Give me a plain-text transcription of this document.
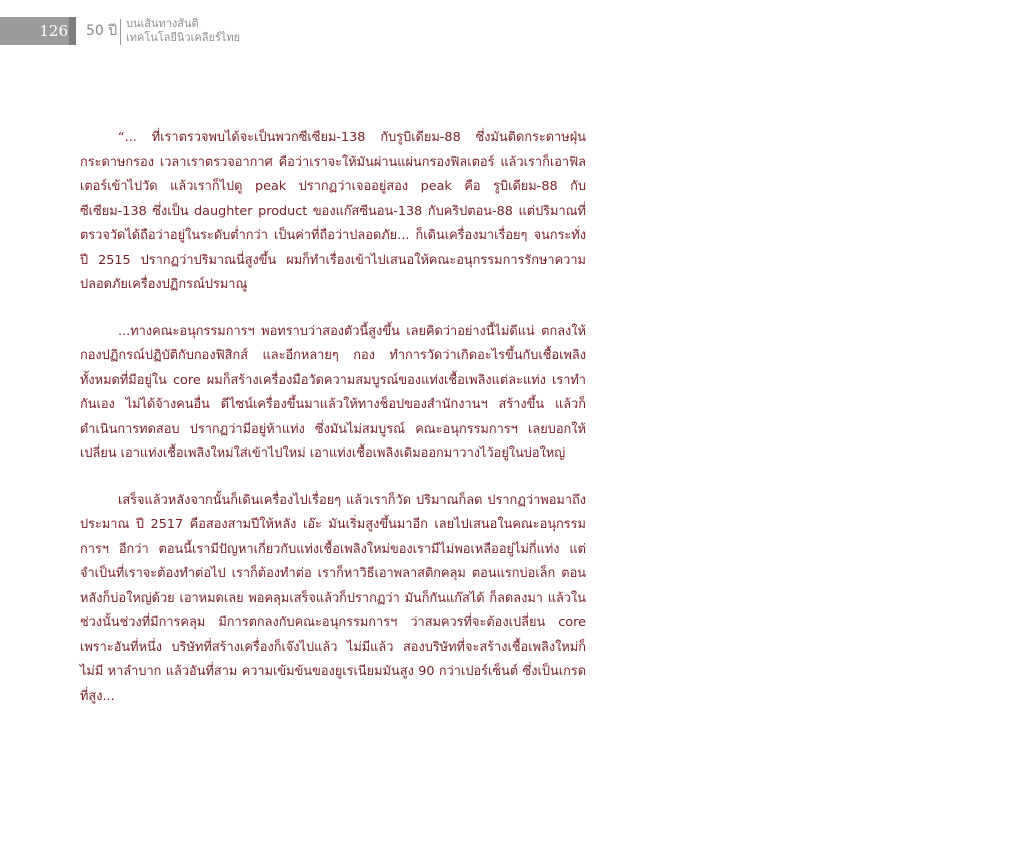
126	50 ปี บนเส้นทางสันติ
เทคโนโลยีนิวเคลียร์ไทย

“... ที่เราตรวจพบได้จะเป็นพวกซีเซียม-138 กับรูบิเดียม-88 ซึ่งมันติดกระดาษฝุ่นกระดาษกรอง เวลาเราตรวจอากาศ คือว่าเราจะให้มันผ่านแผ่นกรองฟิลเตอร์ แล้วเราก็เอาฟิลเตอร์เข้าไปวัด แล้วเราก็ไปดู peak ปรากฏว่าเจออยู่สอง peak คือ รูบิเดียม-88 กับซีเซียม-138 ซึ่งเป็น daughter product ของแก๊สซีนอน-138 กับคริปตอน-88 แต่ปริมาณที่ตรวจวัดได้ถือว่าอยู่ในระดับต่ำกว่า เป็นค่าที่ถือว่าปลอดภัย... ก็เดินเครื่องมาเรื่อยๆ จนกระทั่งปี 2515 ปรากฏว่าปริมาณนี่สูงขึ้น ผมก็ทำเรื่องเข้าไปเสนอให้คณะอนุกรรมการรักษาความปลอดภัยเครื่องปฏิกรณ์ปรมาณู

...ทางคณะอนุกรรมการฯ พอทราบว่าสองตัวนี้สูงขึ้น เลยคิดว่าอย่างนี้ไม่ดีแน่ ตกลงให้กองปฏิกรณ์ปฏิบัติกับกองฟิสิกส์ และอีกหลายๆ กอง ทำการวัดว่าเกิดอะไรขึ้นกับเชื้อเพลิงทั้งหมดที่มีอยู่ใน core ผมก็สร้างเครื่องมือวัดความสมบูรณ์ของแท่งเชื้อเพลิงแต่ละแท่ง เราทำกันเอง ไม่ได้จ้างคนอื่น ดีไซน์เครื่องขึ้นมาแล้วให้ทางช็อปของสำนักงานฯ สร้างขึ้น แล้วก็ดำเนินการทดสอบ ปรากฏว่ามีอยู่ห้าแท่ง ซึ่งมันไม่สมบูรณ์ คณะอนุกรรมการฯ เลยบอกให้เปลี่ยน เอาแท่งเชื้อเพลิงใหม่ใส่เข้าไปใหม่ เอาแท่งเชื้อเพลิงเดิมออกมาวางไว้อยู่ในบ่อใหญ่

เสร็จแล้วหลังจากนั้นก็เดินเครื่องไปเรื่อยๆ แล้วเราก็วัด ปริมาณก็ลด ปรากฏว่าพอมาถึงประมาณ ปี 2517 คือสองสามปีให้หลัง เอ๊ะ มันเริ่มสูงขึ้นมาอีก เลยไปเสนอในคณะอนุกรรมการฯ อีกว่า ตอนนี้เรามีปัญหาเกี่ยวกับแท่งเชื้อเพลิงใหม่ของเรามีไม่พอเหลืออยู่ไม่กี่แท่ง แต่จำเป็นที่เราจะต้องทำต่อไป เราก็ต้องทำต่อ เราก็หาวิธีเอาพลาสติกคลุม ตอนแรกบ่อเล็ก ตอนหลังก็บ่อใหญ่ด้วย เอาหมดเลย พอคลุมเสร็จแล้วก็ปรากฏว่า มันก็กันแก๊สได้ ก็ลดลงมา แล้วในช่วงนั้นช่วงที่มีการคลุม มีการตกลงกับคณะอนุกรรมการฯ ว่าสมควรที่จะต้องเปลี่ยน core เพราะอันที่หนึ่ง บริษัทที่สร้างเครื่องก็เจ๊งไปแล้ว ไม่มีแล้ว สองบริษัทที่จะสร้างเชื้อเพลิงใหม่ก็ไม่มี หาลำบาก แล้วอันที่สาม ความเข้มข้นของยูเรเนียมมันสูง 90 กว่าเปอร์เซ็นต์ ซึ่งเป็นเกรดที่สูง...
